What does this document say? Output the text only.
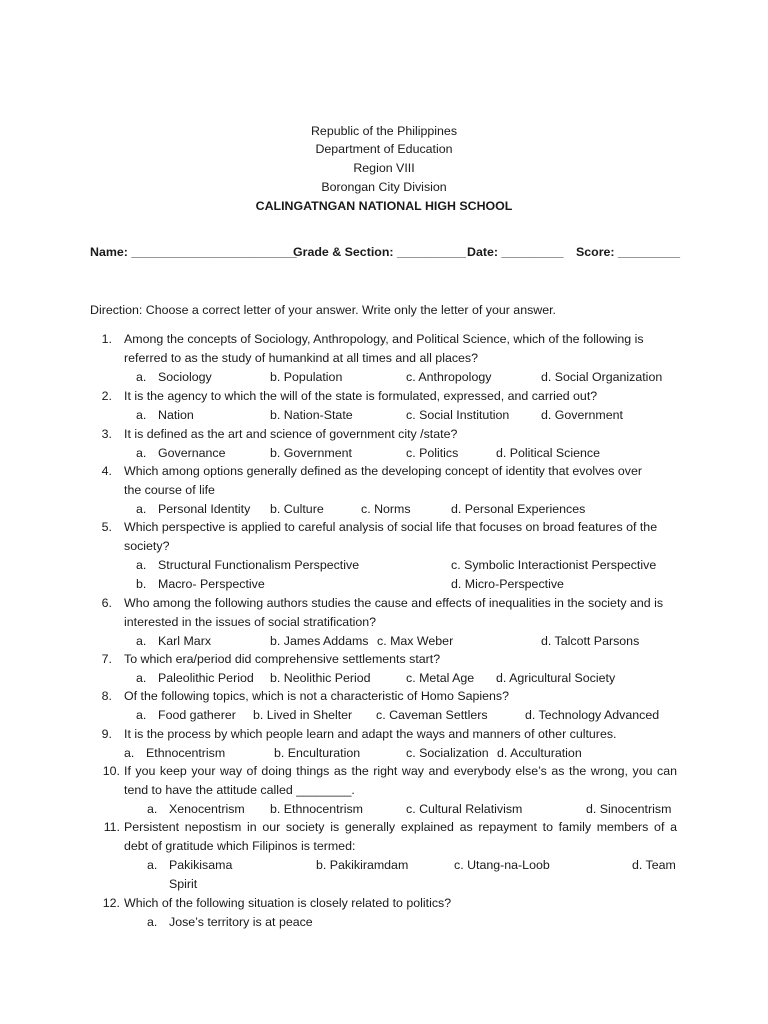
Republic of the Philippines
Department of Education
Region VIII
Borongan City Division
CALINGATNGAN NATIONAL HIGH SCHOOL
Name: ________________________
Grade & Section: __________ Date: _________ Score: _________
Direction: Choose a correct letter of your answer. Write only the letter of your answer.
1. Among the concepts of Sociology, Anthropology, and Political Science, which of the following is
referred to as the study of humankind at all times and all places?
a. Sociology	b. Population	c. Anthropology	d. Social Organization
2. It is the agency to which the will of the state is formulated, expressed, and carried out?
a. Nation	b. Nation-State	c. Social Institution	d. Government
3. It is defined as the art and science of government city /state?
a. Governance	b. Government	c. Politics	d. Political Science
4. Which among options generally defined as the developing concept of identity that evolves over
the course of life
a. Personal Identity b. Culture	c. Norms	d. Personal Experiences
5. Which perspective is applied to careful analysis of social life that focuses on broad features of the
society?
a. Structural Functionalism Perspective	c. Symbolic Interactionist Perspective
b. Macro- Perspective	d. Micro-Perspective
6. Who among the following authors studies the cause and effects of inequalities in the society and is
interested in the issues of social stratification?
a. Karl Marx	b. James Addams c. Max Weber	d. Talcott Parsons
7. To which era/period did comprehensive settlements start?
a. Paleolithic Period b. Neolithic Period	c. Metal Age d. Agricultural Society
8. Of the following topics, which is not a characteristic of Homo Sapiens?
a. Food gatherer b. Lived in Shelter c. Caveman Settlers	d. Technology Advanced
9. It is the process by which people learn and adapt the ways and manners of other cultures.
a. Ethnocentrism	b. Enculturation	c. Socialization d. Acculturation
10. If you keep your way of doing things as the right way and everybody else’s as the wrong, you can
tend to have the attitude called ________.
a. Xenocentrism b. Ethnocentrism	c. Cultural Relativism	d. Sinocentrism
11. Persistent nepostism in our society is generally explained as repayment to family members of a
debt of gratitude which Filipinos is termed:
a. Pakikisama	b. Pakikiramdam	c. Utang-na-Loob	d. Team
Spirit
12. Which of the following situation is closely related to politics?
a. Jose’s territory is at peace
